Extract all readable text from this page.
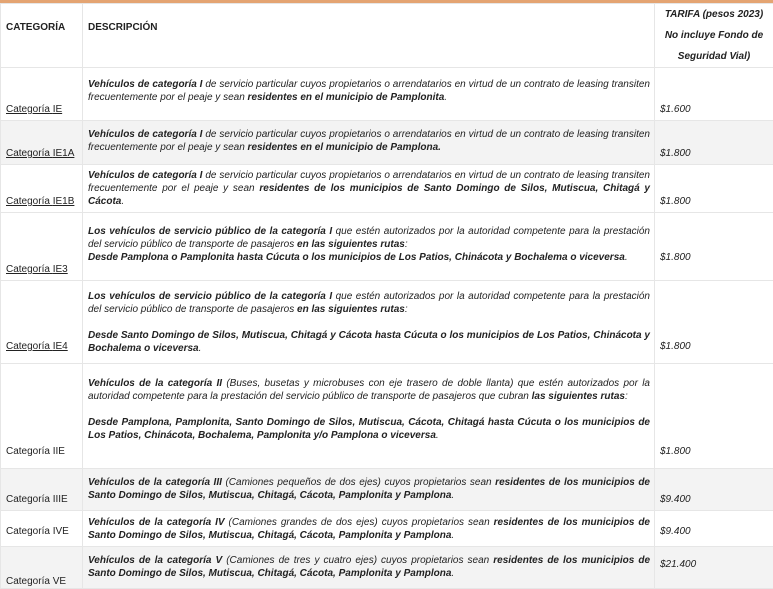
CATEGORÍA	DESCRIPCIÓN	TARIFA (pesos 2023)
No incluye Fondo de
Seguridad Vial)

Categoría IE	Vehículos de categoría I de servicio particular cuyos propietarios o arrendatarios en virtud de un contrato de leasing transiten frecuentemente por el peaje y sean residentes en el municipio de Pamplonita.	$1.600
Categoría IE1A	Vehículos de categoría I de servicio particular cuyos propietarios o arrendatarios en virtud de un contrato de leasing transiten frecuentemente por el peaje y sean residentes en el municipio de Pamplona.	$1.800
Categoría IE1B	Vehículos de categoría I de servicio particular cuyos propietarios o arrendatarios en virtud de un contrato de leasing transiten frecuentemente por el peaje y sean residentes de los municipios de Santo Domingo de Silos, Mutiscua, Chitagá y Cácota.	$1.800
Categoría IE3	Los vehículos de servicio público de la categoría I que estén autorizados por la autoridad competente para la prestación del servicio público de transporte de pasajeros en las siguientes rutas:

Desde Pamplona o Pamplonita hasta Cúcuta o los municipios de Los Patios, Chinácota y Bochalema o viceversa.	$1.800
Categoría IE4	Los vehículos de servicio público de la categoría I que estén autorizados por la autoridad competente para la prestación del servicio público de transporte de pasajeros en las siguientes rutas:

Desde Santo Domingo de Silos, Mutiscua, Chitagá y Cácota hasta Cúcuta o los municipios de Los Patios, Chinácota y Bochalema o viceversa.	$1.800
Categoría IIE	Vehículos de la categoría II (Buses, busetas y microbuses con eje trasero de doble llanta) que estén autorizados por la autoridad competente para la prestación del servicio público de transporte de pasajeros que cubran las siguientes rutas:

Desde Pamplona, Pamplonita, Santo Domingo de Silos, Mutiscua, Cácota, Chitagá hasta Cúcuta o los municipios de Los Patios, Chinácota, Bochalema, Pamplonita y/o Pamplona o viceversa.	$1.800
Categoría IIIE	Vehículos de la categoría III (Camiones pequeños de dos ejes) cuyos propietarios sean residentes de los municipios de Santo Domingo de Silos, Mutiscua, Chitagá, Cácota, Pamplonita y Pamplona.	$9.400
Categoría IVE	Vehículos de la categoría IV (Camiones grandes de dos ejes) cuyos propietarios sean residentes de los municipios de Santo Domingo de Silos, Mutiscua, Chitagá, Cácota, Pamplonita y Pamplona.	$9.400
Categoría VE	Vehículos de la categoría V (Camiones de tres y cuatro ejes) cuyos propietarios sean residentes de los municipios de Santo Domingo de Silos, Mutiscua, Chitagá, Cácota, Pamplonita y Pamplona.	$21.400
